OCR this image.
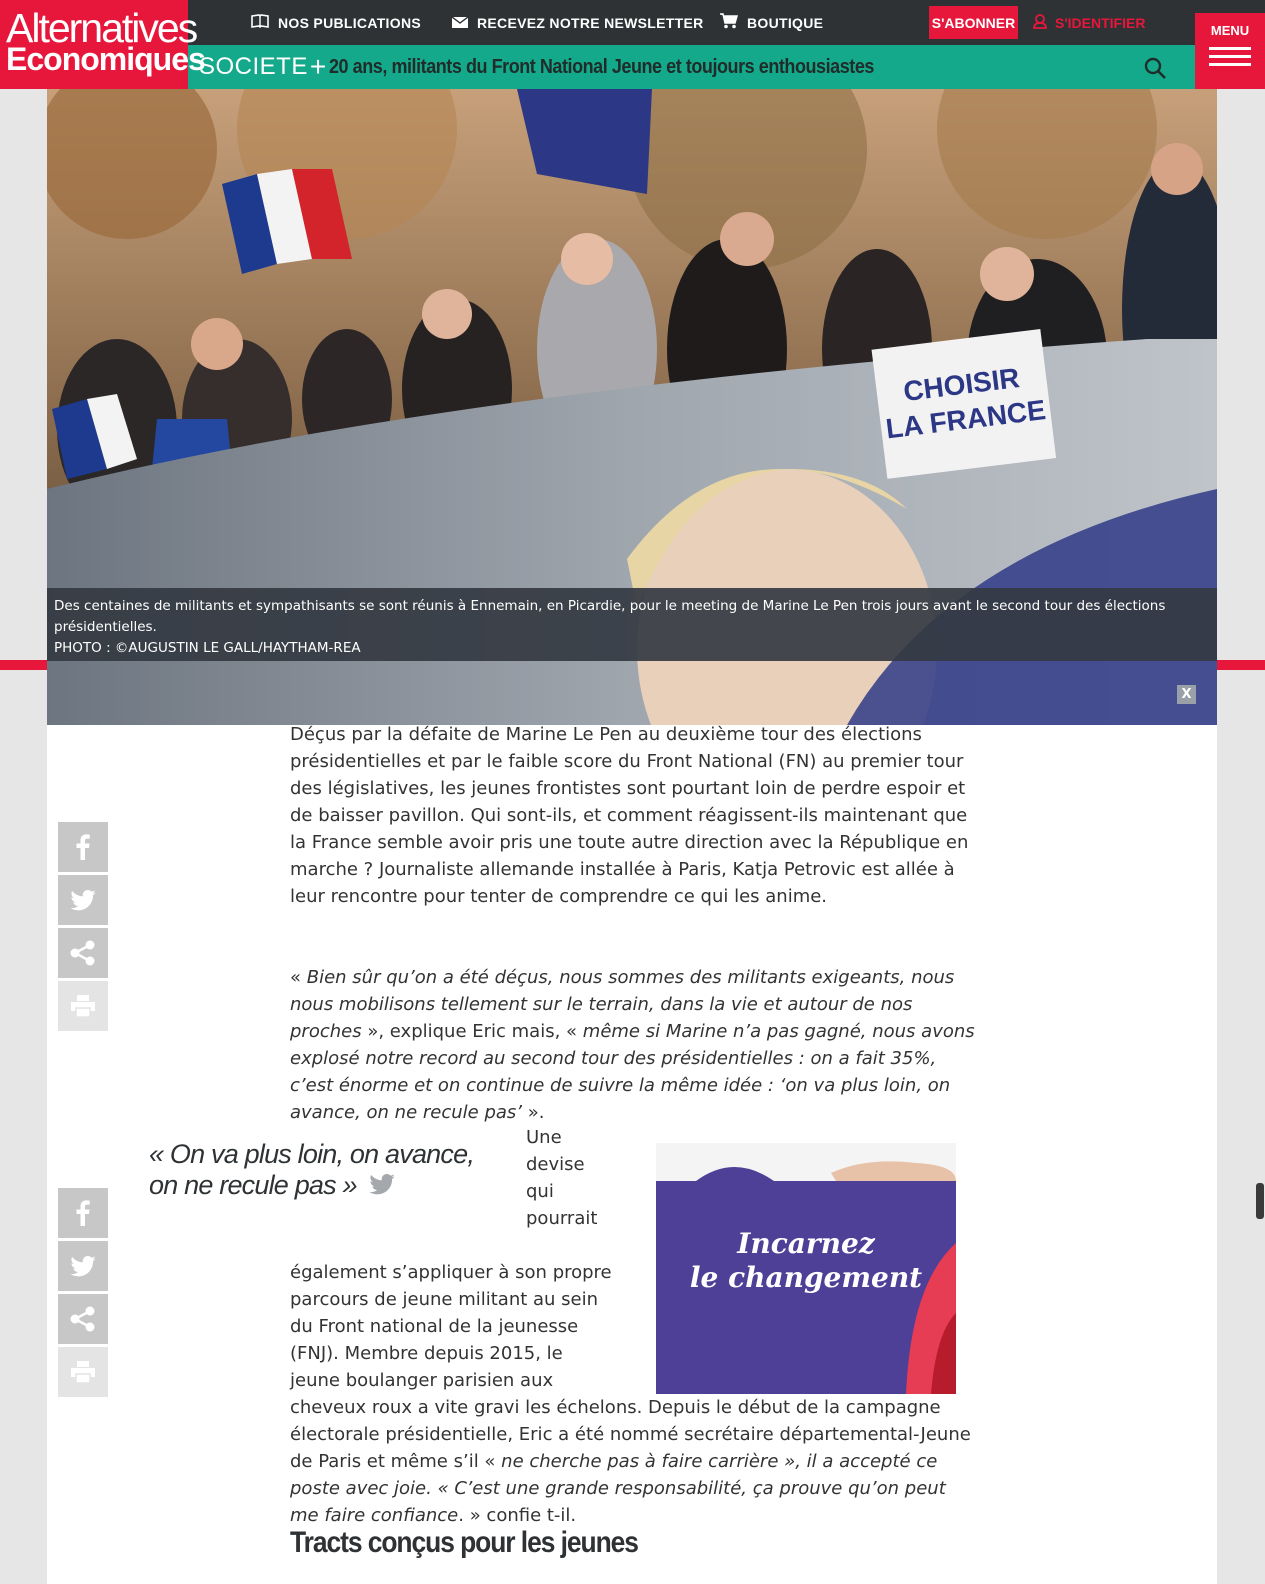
Alternatives
Economiques
NOS PUBLICATIONS	RECEVEZ NOTRE NEWSLETTER	BOUTIQUE	S'ABONNER	S'IDENTIFIER
SOCIETE + 20 ans, militants du Front National Jeune et toujours enthousiastes
MENU
CHOISIR
LA FRANCE
Des centaines de militants et sympathisants se sont réunis à Ennemain, en Picardie, pour le meeting de Marine Le Pen trois jours avant le second tour des élections présidentielles.
PHOTO : ©AUGUSTIN LE GALL/HAYTHAM-REA
X
Déçus par la défaite de Marine Le Pen au deuxième tour des élections présidentielles et par le faible score du Front National (FN) au premier tour des législatives, les jeunes frontistes sont pourtant loin de perdre espoir et de baisser pavillon. Qui sont-ils, et comment réagissent-ils maintenant que la France semble avoir pris une toute autre direction avec la République en marche ? Journaliste allemande installée à Paris, Katja Petrovic est allée à leur rencontre pour tenter de comprendre ce qui les anime.
« Bien sûr qu’on a été déçus, nous sommes des militants exigeants, nous nous mobilisons tellement sur le terrain, dans la vie et autour de nos proches », explique Eric mais, « même si Marine n’a pas gagné, nous avons explosé notre record au second tour des présidentielles : on a fait 35%, c’est énorme et on continue de suivre la même idée : ‘on va plus loin, on avance, on ne recule pas’ ».
Une devise qui pourrait également s’appliquer à son propre parcours de jeune militant au sein du Front national de la jeunesse (FNJ). Membre depuis 2015, le jeune boulanger parisien aux cheveux roux a vite gravi les échelons. Depuis le début de la campagne électorale présidentielle, Eric a été nommé secrétaire départemental-Jeune de Paris et même s’il « ne cherche pas à faire carrière », il a accepté ce poste avec joie. « C’est une grande responsabilité, ça prouve qu’on peut me faire confiance. » confie t-il.
« On va plus loin, on avance, on ne recule pas »
Incarnez
le changement
Tracts conçus pour les jeunes
